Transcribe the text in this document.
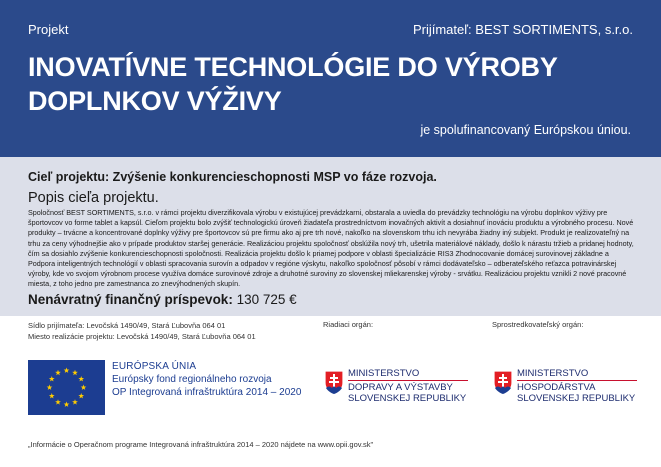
Projekt	Prijímateľ: BEST SORTIMENTS, s.r.o.
INOVATÍVNE TECHNOLÓGIE DO VÝROBY
DOPLNKOV VÝŽIVY
je spolufinancovaný Európskou úniou.
Cieľ projektu: Zvýšenie konkurencieschopnosti MSP vo fáze rozvoja.
Popis cieľa projektu.
Spoločnosť BEST SORTIMENTS, s.r.o. v rámci projektu diverzifikovala výrobu v existujúcej prevádzkarni, obstarala a uviedla do prevádzky technológiu na výrobu doplnkov výživy pre športovcov vo forme tablet a kapsúl. Cieľom projektu bolo zvýšiť technologickú úroveň žiadateľa prostredníctvom inovačných aktivít a dosiahnuť inováciu produktu a výrobného procesu. Nové produkty – trvácne a koncentrované doplnky výživy pre športovcov sú pre firmu ako aj pre trh nové, nakoľko na slovenskom trhu ich nevyrába žiadny iný subjekt. Produkt je realizovateľný na trhu za ceny výhodnejšie ako v prípade produktov staršej generácie. Realizáciou projektu spoločnosť obslúžila nový trh, ušetrila materiálové náklady, došlo k nárastu tržieb a pridanej hodnoty, čím sa dosiahlo zvýšenie konkurencieschopnosti spoločnosti. Realizácia projektu došlo k priamej podpore v oblasti špecializácie RIS3 Zhodnocovanie domácej surovinovej základne a Podpora inteligentných technológií v oblasti spracovania surovín a odpadov v regióne výskytu, nakoľko spoločnosť pôsobí v rámci dodávateľsko – odberateľského reťazca potravinárskej výroby, kde vo svojom výrobnom procese využíva domáce surovinové zdroje a druhotné suroviny zo slovenskej mliekarenskej výroby - srvátku. Realizáciou projektu vznikli 2 nové pracovné miesta, z toho jedno pre zamestnanca zo znevýhodnených skupín.
Nenávratný finančný príspevok: 130 725 €
Sídlo prijímateľa: Levočská 1490/49, Stará Ľubovňa 064 01
Miesto realizácie projektu: Levočská 1490/49, Stará Ľubovňa 064 01
Riadiaci orgán:	Sprostredkovateľský orgán:
EURÓPSKA ÚNIA
Európsky fond regionálneho rozvoja
OP Integrovaná infraštruktúra 2014 – 2020
MINISTERSTVO
DOPRAVY A VÝSTAVBY
SLOVENSKEJ REPUBLIKY
MINISTERSTVO
HOSPODÁRSTVA
SLOVENSKEJ REPUBLIKY
„Informácie o Operačnom programe Integrovaná infraštruktúra 2014 – 2020 nájdete na www.opii.gov.sk"
